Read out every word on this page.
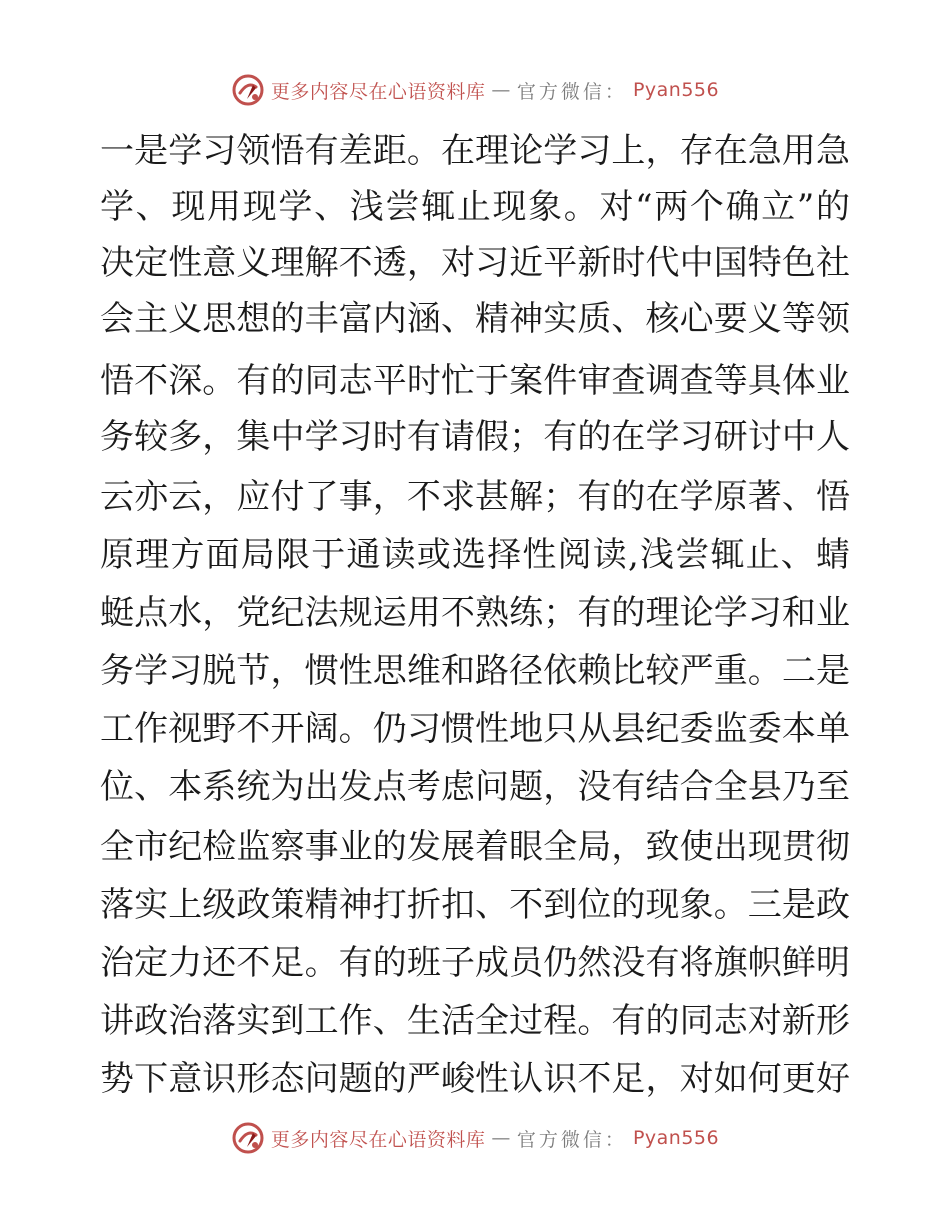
更多内容尽在心语资料库 — 官方微信： Pyan556
一是学习领悟有差距。在理论学习上，存在急用急
学、现用现学、浅尝辄止现象。对“两个确立”的
决定性意义理解不透，对习近平新时代中国特色社
会主义思想的丰富内涵、精神实质、核心要义等领
悟不深。有的同志平时忙于案件审查调查等具体业
务较多，集中学习时有请假；有的在学习研讨中人
云亦云，应付了事，不求甚解；有的在学原著、悟
原理方面局限于通读或选择性阅读,浅尝辄止、蜻
蜓点水，党纪法规运用不熟练；有的理论学习和业
务学习脱节，惯性思维和路径依赖比较严重。二是
工作视野不开阔。仍习惯性地只从县纪委监委本单
位、本系统为出发点考虑问题，没有结合全县乃至
全市纪检监察事业的发展着眼全局，致使出现贯彻
落实上级政策精神打折扣、不到位的现象。三是政
治定力还不足。有的班子成员仍然没有将旗帜鲜明
讲政治落实到工作、生活全过程。有的同志对新形
势下意识形态问题的严峻性认识不足，对如何更好
更多内容尽在心语资料库 — 官方微信： Pyan556
